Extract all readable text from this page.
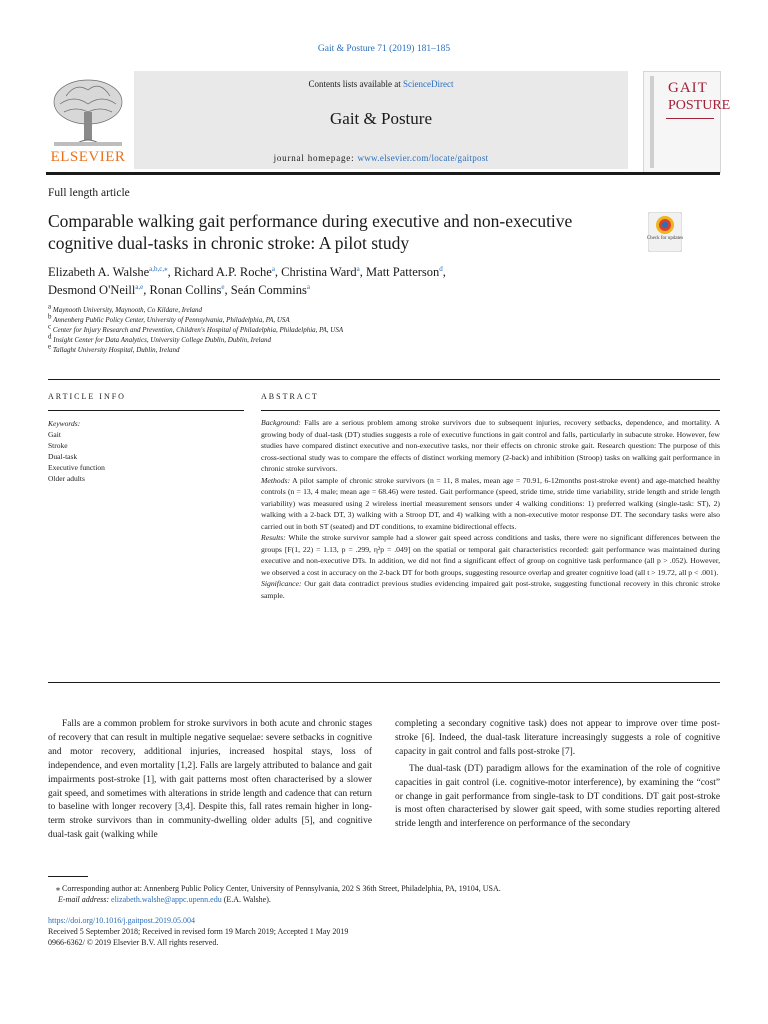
Gait & Posture 71 (2019) 181–185
ELSEVIER
Contents lists available at ScienceDirect
Gait & Posture
journal homepage: www.elsevier.com/locate/gaitpost
GAIT
POSTURE
Full length article
Comparable walking gait performance during executive and non-executive cognitive dual-tasks in chronic stroke: A pilot study	Check for updates
Elizabeth A. Walshe$^{a,b,c,⁎}$, Richard A.P. Roche$^a$, Christina Ward$^a$, Matt Patterson$^d$,
Desmond O'Neill$^{a,e}$, Ronan Collins$^e$, Seán Commins$^a$
$^a$ Maynooth University, Maynooth, Co Kildare, Ireland
$^b$ Annenberg Public Policy Center, University of Pennsylvania, Philadelphia, PA, USA
$^c$ Center for Injury Research and Prevention, Children's Hospital of Philadelphia, Philadelphia, PA, USA
$^d$ Insight Center for Data Analytics, University College Dublin, Dublin, Ireland
$^e$ Tallaght University Hospital, Dublin, Ireland
ARTICLE INFO	ABSTRACT
Keywords:
Gait
Stroke
Dual-task
Executive function
Older adults

Background: Falls are a serious problem among stroke survivors due to subsequent injuries, recovery setbacks, dependence, and mortality. A growing body of dual-task (DT) studies suggests a role of executive functions in gait control and falls, particularly in subacute stroke. However, few studies have compared distinct executive and non-executive tasks, nor their effects on chronic stroke gait. Research question: The purpose of this cross-sectional study was to compare the effects of distinct working memory (2-back) and inhibition (Stroop) tasks on walking gait performance in chronic stroke survivors.

Methods: A pilot sample of chronic stroke survivors (n = 11, 8 males, mean age = 70.91, 6-12months post-stroke event) and age-matched healthy controls (n = 13, 4 male; mean age = 68.46) were tested. Gait performance (speed, stride time, stride time variability, stride length and stride length variability) was measured using 2 wireless inertial measurement sensors under 4 walking conditions: 1) preferred walking (single-task: ST), 2) walking with a 2-back DT, 3) walking with a Stroop DT, and 4) walking with a non-executive motor response DT. The secondary tasks were also carried out in both ST (seated) and DT conditions, to examine bidirectional effects.

Results: While the stroke survivor sample had a slower gait speed across conditions and tasks, there were no significant differences between the groups [F(1, 22) = 1.13, p = .299, η²p = .049] on the spatial or temporal gait characteristics recorded: gait performance was maintained during executive and non-executive DTs. In addition, we did not find a significant effect of group on cognitive task performance (all p > .052). However, we observed a cost in accuracy on the 2-back DT for both groups, suggesting resource overlap and greater cognitive load (all t > 19.72, all p < .001).

Significance: Our gait data contradict previous studies evidencing impaired gait post-stroke, suggesting functional recovery in this chronic stroke sample.

Falls are a common problem for stroke survivors in both acute and chronic stages of recovery that can result in multiple negative sequelae: severe setbacks in cognitive and motor recovery, additional injuries, increased hospital stays, loss of independence, and even mortality [1,2]. Falls are largely attributed to balance and gait impairments post-stroke [1], with gait patterns most often characterised by a slower gait speed, and sometimes with alterations in stride length and cadence that can return to baseline with longer recovery [3,4]. Despite this, fall rates remain higher in long-term stroke survivors than in community-dwelling older adults [5], and cognitive dual-task gait (walking while

completing a secondary cognitive task) does not appear to improve over time post-stroke [6]. Indeed, the dual-task literature increasingly suggests a role of cognitive capacity in gait control and falls post-stroke [7].

The dual-task (DT) paradigm allows for the examination of the role of cognitive capacities in gait control (i.e. cognitive-motor interference), by examining the “cost” or change in gait performance from single-task to DT conditions. DT gait post-stroke is most often characterised by slower gait speed, with some studies reporting altered stride length and interference on performance of the secondary

⁎ Corresponding author at: Annenberg Public Policy Center, University of Pennsylvania, 202 S 36th Street, Philadelphia, PA, 19104, USA.
E-mail address: elizabeth.walshe@appc.upenn.edu (E.A. Walshe).
https://doi.org/10.1016/j.gaitpost.2019.05.004
Received 5 September 2018; Received in revised form 19 March 2019; Accepted 1 May 2019
0966-6362/ © 2019 Elsevier B.V. All rights reserved.
